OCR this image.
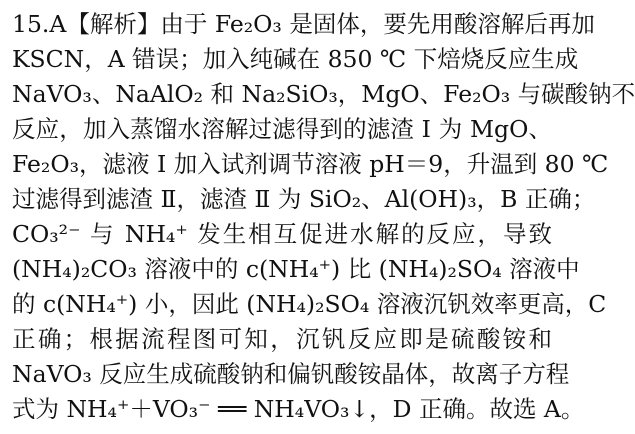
15.A【解析】由于 Fe₂O₃ 是固体，要先用酸溶解后再加
KSCN，A 错误；加入纯碱在 850 ℃ 下焙烧反应生成
NaVO₃、NaAlO₂ 和 Na₂SiO₃，MgO、Fe₂O₃ 与碳酸钠不
反应，加入蒸馏水溶解过滤得到的滤渣 Ⅰ 为 MgO、
Fe₂O₃，滤液 Ⅰ 加入试剂调节溶液 pH＝9，升温到 80 ℃
过滤得到滤渣 Ⅱ，滤渣 Ⅱ 为 SiO₂、Al(OH)₃，B 正确；
CO₃²⁻ 与 NH₄⁺ 发生相互促进水解的反应，导致
(NH₄)₂CO₃ 溶液中的 c(NH₄⁺) 比 (NH₄)₂SO₄ 溶液中
的 c(NH₄⁺) 小，因此 (NH₄)₂SO₄ 溶液沉钒效率更高，C
正确；根据流程图可知，沉钒反应即是硫酸铵和
NaVO₃ 反应生成硫酸钠和偏钒酸铵晶体，故离子方程
式为 NH₄⁺＋VO₃⁻ ══ NH₄VO₃↓，D 正确。故选 A。
